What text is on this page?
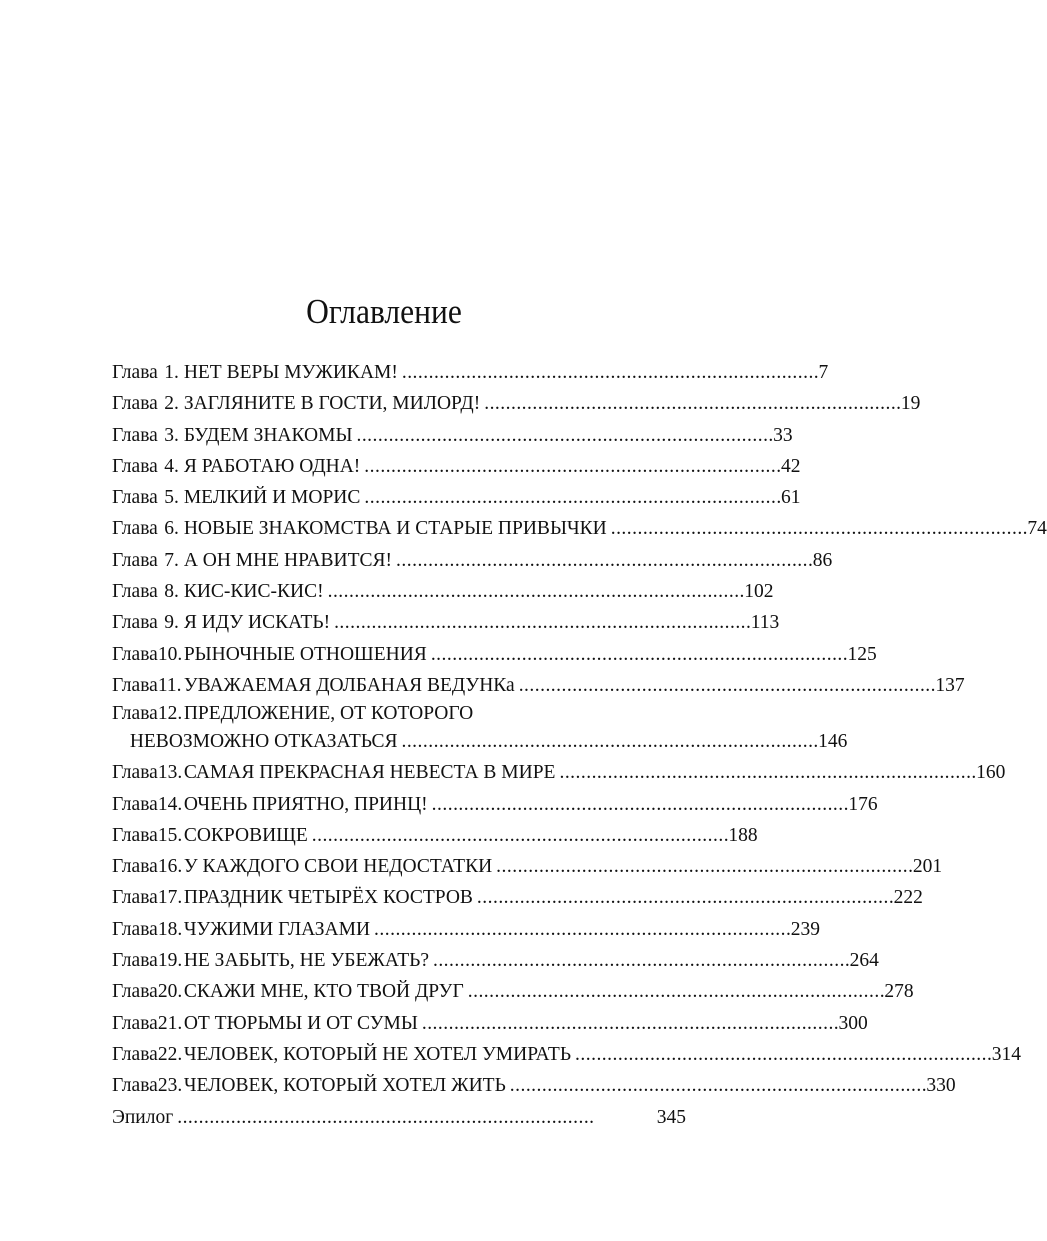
Оглавление
Глава 1. НЕТ ВЕРЫ МУЖИКАМ! . . .	7
Глава 2. ЗАГЛЯНИТЕ В ГОСТИ, МИЛОРД! . . .	19
Глава 3. БУДЕМ ЗНАКОМЫ . . .	33
Глава 4. Я РАБОТАЮ ОДНА! . . .	42
Глава 5. МЕЛКИЙ И МОРИС . . .	61
Глава 6. НОВЫЕ ЗНАКОМСТВА И СТАРЫЕ ПРИВЫЧКИ . . .	74
Глава 7. А ОН МНЕ НРАВИТСЯ! . . .	86
Глава 8. КИС-КИС-КИС! . . .	102
Глава 9. Я ИДУ ИСКАТЬ! . . .	113
Глава10. РЫНОЧНЫЕ ОТНОШЕНИЯ . . .	125
Глава11. УВАЖАЕМАЯ ДОЛБАНАЯ ВЕДУНКа . . .	137
Глава12. ПРЕДЛОЖЕНИЕ, ОТ КОТОРОГО
НЕВОЗМОЖНО ОТКАЗАТЬСЯ . . .	146
Глава13. САМАЯ ПРЕКРАСНАЯ НЕВЕСТА В МИРЕ . . .	160
Глава14. ОЧЕНЬ ПРИЯТНО, ПРИНЦ! . . .	176
Глава15. СОКРОВИЩЕ . . .	188
Глава16. У КАЖДОГО СВОИ НЕДОСТАТКИ . . .	201
Глава17. ПРАЗДНИК ЧЕТЫРЁХ КОСТРОВ . . .	222
Глава18. ЧУЖИМИ ГЛАЗАМИ . . .	239
Глава19. НЕ ЗАБЫТЬ, НЕ УБЕЖАТЬ? . . .	264
Глава20. СКАЖИ МНЕ, КТО ТВОЙ ДРУГ . . .	278
Глава21. ОТ ТЮРЬМЫ И ОТ СУМЫ . . .	300
Глава22. ЧЕЛОВЕК, КОТОРЫЙ НЕ ХОТЕЛ УМИРАТЬ . . .	314
Глава23. ЧЕЛОВЕК, КОТОРЫЙ ХОТЕЛ ЖИТЬ . . .	330
Эпилог . . .	345
